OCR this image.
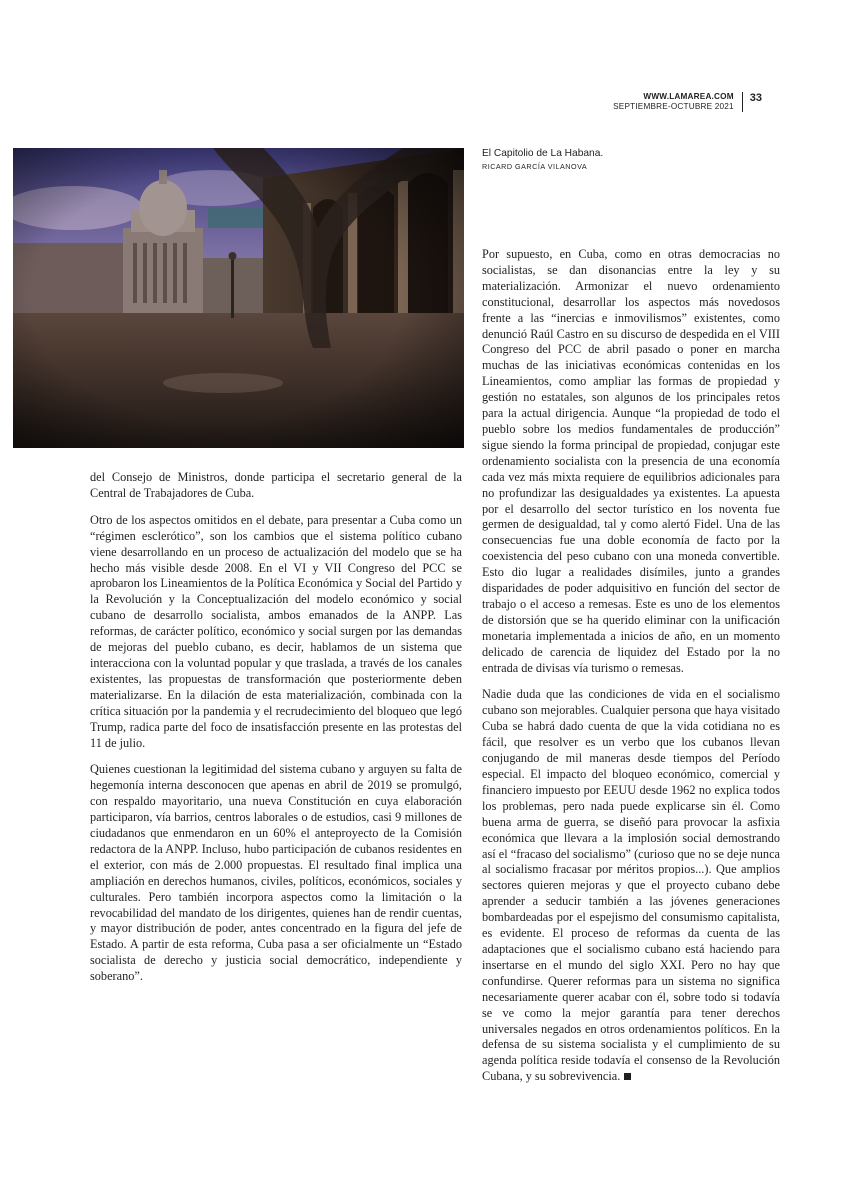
WWW.LAMAREA.COM
SEPTIEMBRE-OCTUBRE 2021
33
El Capitolio de La Habana.
RICARD GARCÍA VILANOVA

del Consejo de Ministros, donde participa el secretario general de la Central de Trabajadores de Cuba.

Otro de los aspectos omitidos en el debate, para presentar a Cuba como un “régimen esclerótico”, son los cambios que el sistema político cubano viene desarrollando en un proceso de actualización del modelo que se ha hecho más visible desde 2008. En el VI y VII Congreso del PCC se aprobaron los Lineamientos de la Política Económica y Social del Partido y la Revolución y la Conceptualización del modelo económico y social cubano de desarrollo socialista, ambos emanados de la ANPP. Las reformas, de carácter político, económico y social surgen por las demandas de mejoras del pueblo cubano, es decir, hablamos de un sistema que interacciona con la voluntad popular y que traslada, a través de los canales existentes, las propuestas de transformación que posteriormente deben materializarse. En la dilación de esta materialización, combinada con la crítica situación por la pandemia y el recrudecimiento del bloqueo que legó Trump, radica parte del foco de insatisfacción presente en las protestas del 11 de julio.

Quienes cuestionan la legitimidad del sistema cubano y arguyen su falta de hegemonía interna desconocen que apenas en abril de 2019 se promulgó, con respaldo mayoritario, una nueva Constitución en cuya elaboración participaron, vía barrios, centros laborales o de estudios, casi 9 millones de ciudadanos que enmendaron en un 60% el anteproyecto de la Comisión redactora de la ANPP. Incluso, hubo participación de cubanos residentes en el exterior, con más de 2.000 propuestas. El resultado final implica una ampliación en derechos humanos, civiles, políticos, económicos, sociales y culturales. Pero también incorpora aspectos como la limitación o la revocabilidad del mandato de los dirigentes, quienes han de rendir cuentas, y mayor distribución de poder, antes concentrado en la figura del jefe de Estado. A partir de esta reforma, Cuba pasa a ser oficialmente un “Estado socialista de derecho y justicia social democrático, independiente y soberano”.

Por supuesto, en Cuba, como en otras democracias no socialistas, se dan disonancias entre la ley y su materialización. Armonizar el nuevo ordenamiento constitucional, desarrollar los aspectos más novedosos frente a las “inercias e inmovilismos” existentes, como denunció Raúl Castro en su discurso de despedida en el VIII Congreso del PCC de abril pasado o poner en marcha muchas de las iniciativas económicas contenidas en los Lineamientos, como ampliar las formas de propiedad y gestión no estatales, son algunos de los principales retos para la actual dirigencia. Aunque “la propiedad de todo el pueblo sobre los medios fundamentales de producción” sigue siendo la forma principal de propiedad, conjugar este ordenamiento socialista con la presencia de una economía cada vez más mixta requiere de equilibrios adicionales para no profundizar las desigualdades ya existentes. La apuesta por el desarrollo del sector turístico en los noventa fue germen de desigualdad, tal y como alertó Fidel. Una de las consecuencias fue una doble economía de facto por la coexistencia del peso cubano con una moneda convertible. Esto dio lugar a realidades disímiles, junto a grandes disparidades de poder adquisitivo en función del sector de trabajo o el acceso a remesas. Este es uno de los elementos de distorsión que se ha querido eliminar con la unificación monetaria implementada a inicios de año, en un momento delicado de carencia de liquidez del Estado por la no entrada de divisas vía turismo o remesas.

Nadie duda que las condiciones de vida en el socialismo cubano son mejorables. Cualquier persona que haya visitado Cuba se habrá dado cuenta de que la vida cotidiana no es fácil, que resolver es un verbo que los cubanos llevan conjugando de mil maneras desde tiempos del Período especial. El impacto del bloqueo económico, comercial y financiero impuesto por EEUU desde 1962 no explica todos los problemas, pero nada puede explicarse sin él. Como buena arma de guerra, se diseñó para provocar la asfixia económica que llevara a la implosión social demostrando así el “fracaso del socialismo” (curioso que no se deje nunca al socialismo fracasar por méritos propios...). Que amplios sectores quieren mejoras y que el proyecto cubano debe aprender a seducir también a las jóvenes generaciones bombardeadas por el espejismo del consumismo capitalista, es evidente. El proceso de reformas da cuenta de las adaptaciones que el socialismo cubano está haciendo para insertarse en el mundo del siglo XXI. Pero no hay que confundirse. Querer reformas para un sistema no significa necesariamente querer acabar con él, sobre todo si todavía se ve como la mejor garantía para tener derechos universales negados en otros ordenamientos políticos. En la defensa de su sistema socialista y el cumplimiento de su agenda política reside todavía el consenso de la Revolución Cubana, y su sobrevivencia.
